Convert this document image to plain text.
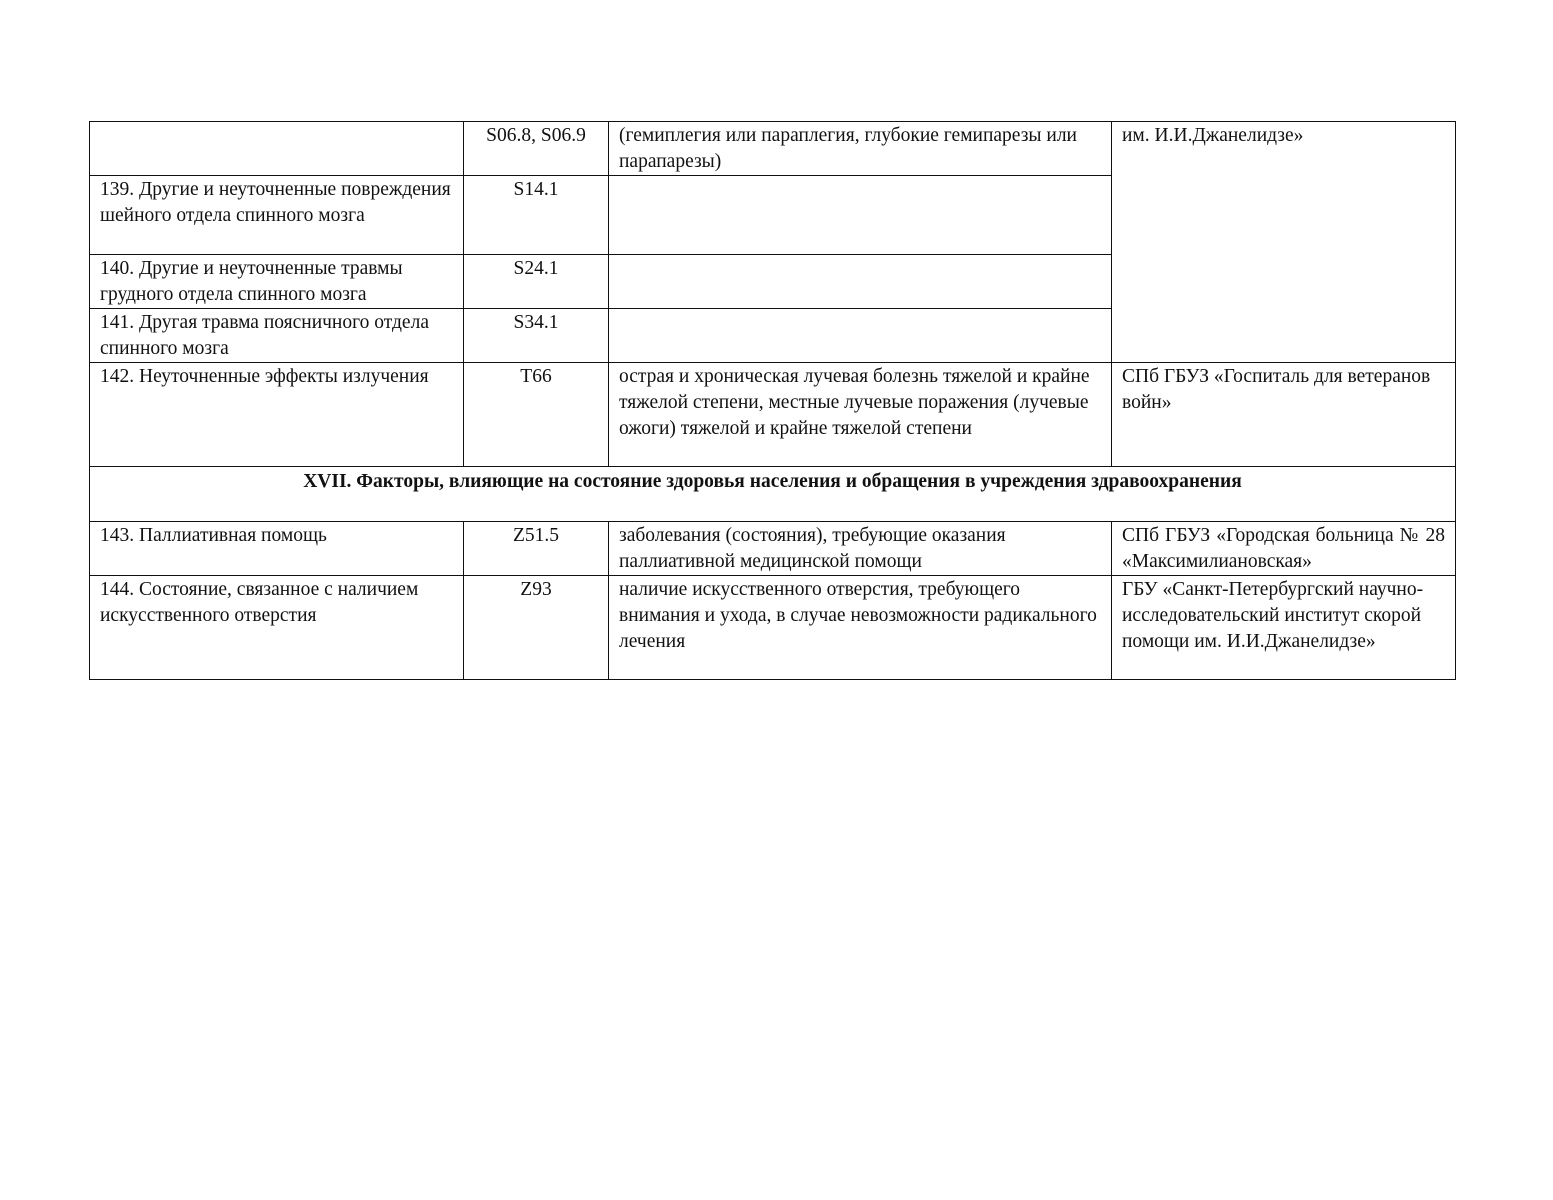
	S06.8, S06.9	(гемиплегия или параплегия, глубокие гемипарезы или парапарезы)	им. И.И.Джанелидзе»
139. Другие и неуточненные повреждения шейного отдела спинного мозга	S14.1		
140. Другие и неуточненные травмы грудного отдела спинного мозга	S24.1		
141. Другая травма поясничного отдела спинного мозга	S34.1		
142. Неуточненные эффекты излучения	T66	острая и хроническая лучевая болезнь тяжелой и крайне тяжелой степени, местные лучевые поражения (лучевые ожоги) тяжелой и крайне тяжелой степени	СПб ГБУЗ «Госпиталь для ветеранов войн»
XVII. Факторы, влияющие на состояние здоровья населения и обращения в учреждения здравоохранения			
143. Паллиативная помощь	Z51.5	заболевания (состояния), требующие оказания паллиативной медицинской помощи	СПб ГБУЗ «Городская больница № 28 «Максимилиановская»
144. Состояние, связанное с наличием искусственного отверстия	Z93	наличие искусственного отверстия, требующего внимания и ухода, в случае невозможности радикального лечения	ГБУ «Санкт-Петербургский научно-исследовательский институт скорой помощи им. И.И.Джанелидзе»
